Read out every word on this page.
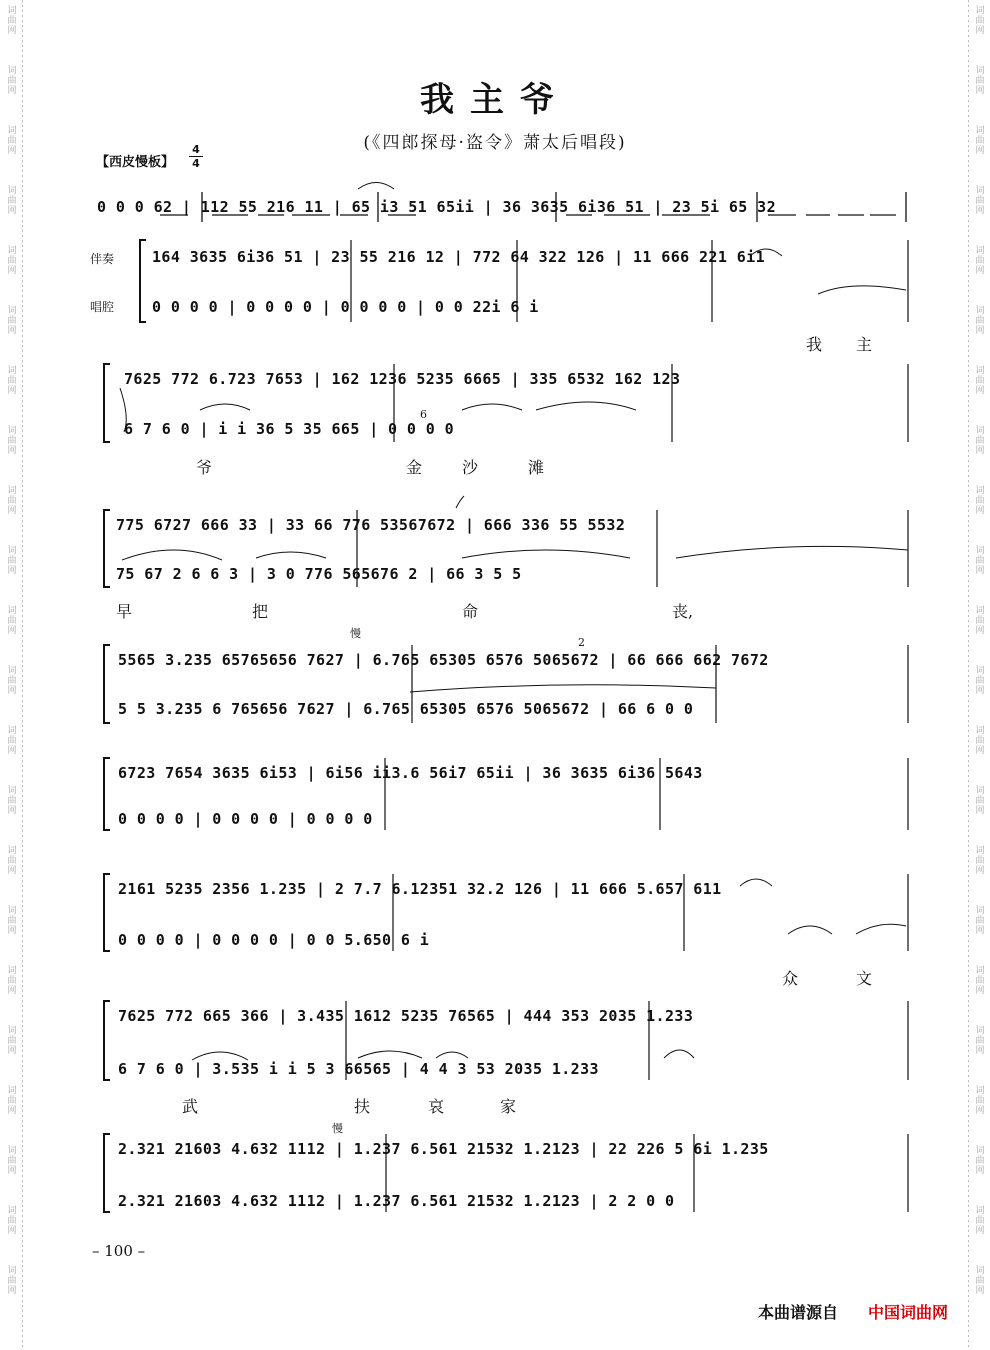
词 曲 网
词 曲 网
词 曲 网
词 曲 网
词 曲 网
词 曲 网
词 曲 网
词 曲 网
词 曲 网
词 曲 网
词 曲 网
词 曲 网
词 曲 网
词 曲 网
词 曲 网
词 曲 网
词 曲 网
词 曲 网
词 曲 网
词 曲 网
词 曲 网
词 曲 网
词 曲 网
词 曲 网
词 曲 网
词 曲 网
词 曲 网
词 曲 网
词 曲 网
词 曲 网
词 曲 网
词 曲 网
词 曲 网
词 曲 网
词 曲 网
词 曲 网
词 曲 网
词 曲 网
词 曲 网
词 曲 网
词 曲 网
词 曲 网
词 曲 网
词 曲 网
我主爷
(《四郎探母·盗令》萧太后唱段)
【西皮慢板】
4
4
0 0 0 62 | 112 55 216 11 | 65 i3 51 65ii | 36 3635 6i36 51 | 23 5i 65 32
伴奏
唱腔
164 3635 6i36 51 | 23 55 216 12 | 772 64 322 126 | 11 666 221 6i1
0 0 0 0 | 0 0 0 0 | 0 0 0 0 | 0 0 22i 6 i
我 主
7625 772 6.723 7653 | 162 1236 5235 6665 | 335 6532 162 123
6 7 6 0 | i i 36 5 35 665 | 0 0 0 0
爷	金 沙	滩
775 6727 666 33 | 33 66 776 53567672 | 666 336 55 5532
75 67 2 6 6 3 | 3 0 776 565676 2 | 66 3 5 5
早	把	命	丧,
5565 3.235 65765656 7627 | 6.765 65305 6576 5065672 | 66 666 662 7672
5 5 3.235 6 765656 7627 | 6.765 65305 6576 5065672 | 66 6 0 0
6723 7654 3635 6i53 | 6i56 ii3.6 56i7 65ii | 36 3635 6i36 5643
0 0 0 0 | 0 0 0 0 | 0 0 0 0
2161 5235 2356 1.235 | 2 7.7 6.12351 32.2 126 | 11 666 5.657 611
0 0 0 0 | 0 0 0 0 | 0 0 5.650 6 i
众	文
7625 772 665 366 | 3.435 1612 5235 76565 | 444 353 2035 1.233
6 7 6 0 | 3.535 i i 5 3 66565 | 4 4 3 53 2035 1.233
武	扶	哀	家
2.321 21603 4.632 1112 | 1.237 6.561 21532 1.2123 | 22 226 5 6i 1.235
2.321 21603 4.632 1112 | 1.237 6.561 21532 1.2123 | 2 2 0 0
慢
慢
6
2
– 100 –
本曲谱源自 中国词曲网
